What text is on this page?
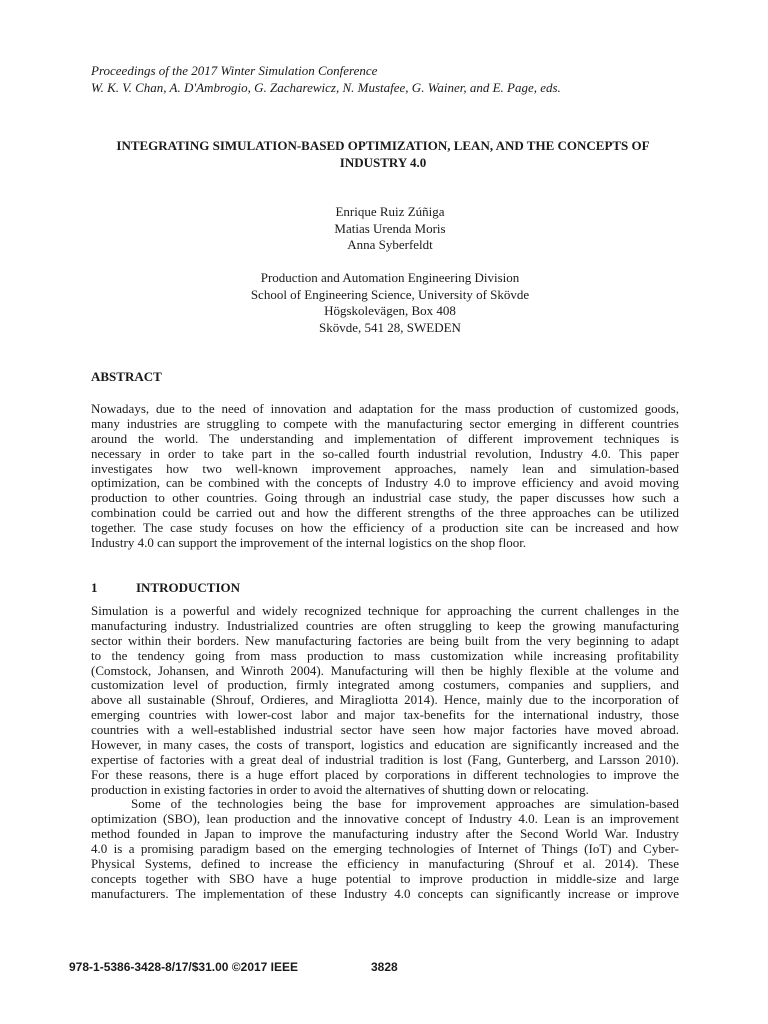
Proceedings of the 2017 Winter Simulation Conference
W. K. V. Chan, A. D'Ambrogio, G. Zacharewicz, N. Mustafee, G. Wainer, and E. Page, eds.
INTEGRATING SIMULATION-BASED OPTIMIZATION, LEAN, AND THE CONCEPTS OF
INDUSTRY 4.0
Enrique Ruiz Zúñiga
Matias Urenda Moris
Anna Syberfeldt
Production and Automation Engineering Division
School of Engineering Science, University of Skövde
Högskolevägen, Box 408
Skövde, 541 28, SWEDEN
ABSTRACT
Nowadays, due to the need of innovation and adaptation for the mass production of customized goods,
many industries are struggling to compete with the manufacturing sector emerging in different countries
around the world. The understanding and implementation of different improvement techniques is
necessary in order to take part in the so-called fourth industrial revolution, Industry 4.0. This paper
investigates how two well-known improvement approaches, namely lean and simulation-based
optimization, can be combined with the concepts of Industry 4.0 to improve efficiency and avoid moving
production to other countries. Going through an industrial case study, the paper discusses how such a
combination could be carried out and how the different strengths of the three approaches can be utilized
together. The case study focuses on how the efficiency of a production site can be increased and how
Industry 4.0 can support the improvement of the internal logistics on the shop floor.
1	INTRODUCTION
Simulation is a powerful and widely recognized technique for approaching the current challenges in the
manufacturing industry. Industrialized countries are often struggling to keep the growing manufacturing
sector within their borders. New manufacturing factories are being built from the very beginning to adapt
to the tendency going from mass production to mass customization while increasing profitability
(Comstock, Johansen, and Winroth 2004). Manufacturing will then be highly flexible at the volume and
customization level of production, firmly integrated among costumers, companies and suppliers, and
above all sustainable (Shrouf, Ordieres, and Miragliotta 2014). Hence, mainly due to the incorporation of
emerging countries with lower-cost labor and major tax-benefits for the international industry, those
countries with a well-established industrial sector have seen how major factories have moved abroad.
However, in many cases, the costs of transport, logistics and education are significantly increased and the
expertise of factories with a great deal of industrial tradition is lost (Fang, Gunterberg, and Larsson 2010).
For these reasons, there is a huge effort placed by corporations in different technologies to improve the
production in existing factories in order to avoid the alternatives of shutting down or relocating.
Some of the technologies being the base for improvement approaches are simulation-based
optimization (SBO), lean production and the innovative concept of Industry 4.0. Lean is an improvement
method founded in Japan to improve the manufacturing industry after the Second World War. Industry
4.0 is a promising paradigm based on the emerging technologies of Internet of Things (IoT) and Cyber-
Physical Systems, defined to increase the efficiency in manufacturing (Shrouf et al. 2014). These
concepts together with SBO have a huge potential to improve production in middle-size and large
manufacturers. The implementation of these Industry 4.0 concepts can significantly increase or improve
978-1-5386-3428-8/17/$31.00 ©2017 IEEE	3828
